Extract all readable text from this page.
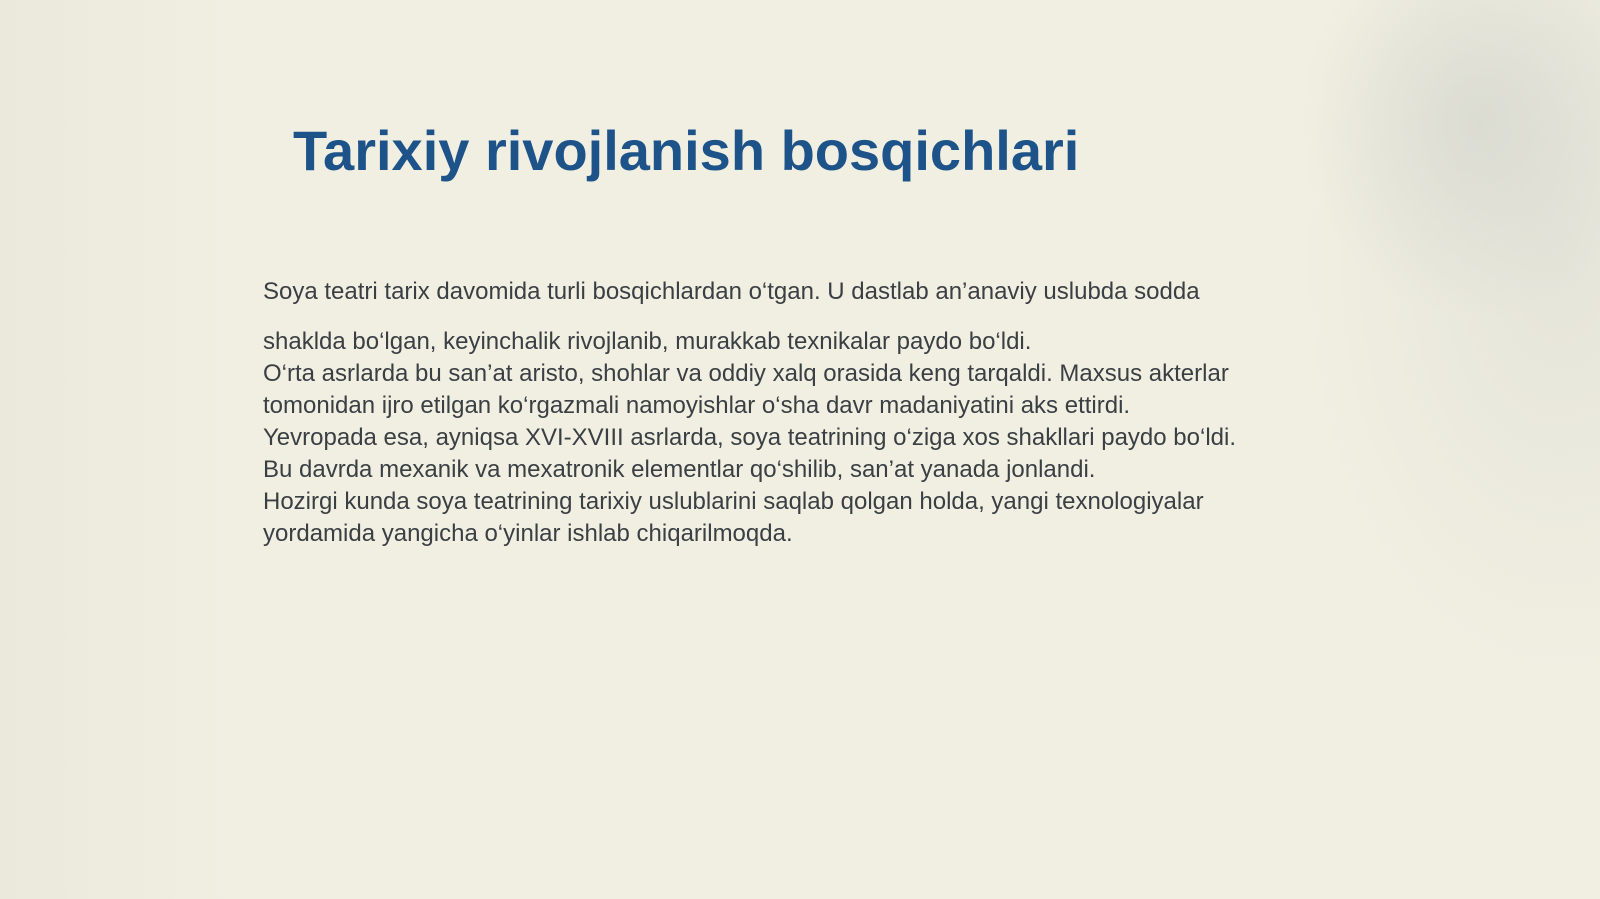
Tarixiy rivojlanish bosqichlari

Soya teatri tarix davomida turli bosqichlardan o‘tgan. U dastlab an’anaviy uslubda sodda

shaklda bo‘lgan, keyinchalik rivojlanib, murakkab texnikalar paydo bo‘ldi.

O‘rta asrlarda bu san’at aristo, shohlar va oddiy xalq orasida keng tarqaldi. Maxsus akterlar

tomonidan ijro etilgan ko‘rgazmali namoyishlar o‘sha davr madaniyatini aks ettirdi.

Yevropada esa, ayniqsa XVI-XVIII asrlarda, soya teatrining o‘ziga xos shakllari paydo bo‘ldi.

Bu davrda mexanik va mexatronik elementlar qo‘shilib, san’at yanada jonlandi.

Hozirgi kunda soya teatrining tarixiy uslublarini saqlab qolgan holda, yangi texnologiyalar

yordamida yangicha o‘yinlar ishlab chiqarilmoqda.
